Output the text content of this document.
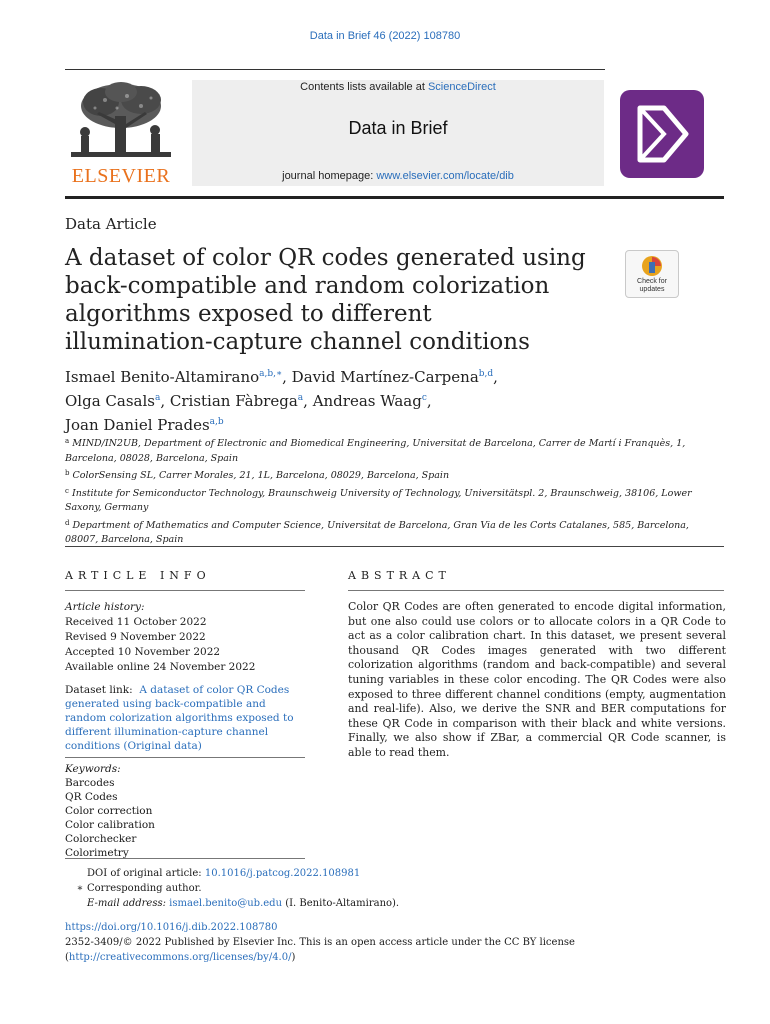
Data in Brief 46 (2022) 108780
ELSEVIER
Contents lists available at ScienceDirect
Data in Brief
journal homepage: www.elsevier.com/locate/dib
Data Article
A dataset of color QR codes generated using
back-compatible and random colorization
algorithms exposed to different
illumination-capture channel conditions
Check for
updates
Ismael Benito-Altamirano$^{a,b,∗}$, David Martínez-Carpena$^{b,d}$,
Olga Casals$^a$, Cristian Fàbrega$^a$, Andreas Waag$^c$,
Joan Daniel Prades$^{a,b}$
$^a$ MIND/IN2UB, Department of Electronic and Biomedical Engineering, Universitat de Barcelona, Carrer de Martí i Franquès, 1, Barcelona, 08028, Barcelona, Spain
$^b$ ColorSensing SL, Carrer Morales, 21, 1L, Barcelona, 08029, Barcelona, Spain
$^c$ Institute for Semiconductor Technology, Braunschweig University of Technology, Universitätspl. 2, Braunschweig, 38106, Lower Saxony, Germany
$^d$ Department of Mathematics and Computer Science, Universitat de Barcelona, Gran Via de les Corts Catalanes, 585, Barcelona, 08007, Barcelona, Spain
ARTICLE INFO
Article history:
Received 11 October 2022
Revised 9 November 2022
Accepted 10 November 2022
Available online 24 November 2022
Dataset link: A dataset of color QR Codes generated using back-compatible and random colorization algorithms exposed to different illumination-capture channel conditions (Original data)
Keywords:
Barcodes
QR Codes
Color correction
Color calibration
Colorchecker
Colorimetry
ABSTRACT
Color QR Codes are often generated to encode digital information, but one also could use colors or to allocate colors in a QR Code to act as a color calibration chart. In this dataset, we present several thousand QR Codes images generated with two different colorization algorithms (random and back-compatible) and several tuning variables in these color encoding. The QR Codes were also exposed to three different channel conditions (empty, augmentation and real-life). Also, we derive the SNR and BER computations for these QR Code in comparison with their black and white versions. Finally, we also show if ZBar, a commercial QR Code scanner, is able to read them.
DOI of original article: 10.1016/j.patcog.2022.108981
∗ Corresponding author.
E-mail address: ismael.benito@ub.edu (I. Benito-Altamirano).
https://doi.org/10.1016/j.dib.2022.108780
2352-3409/© 2022 Published by Elsevier Inc. This is an open access article under the CC BY license
(http://creativecommons.org/licenses/by/4.0/)
